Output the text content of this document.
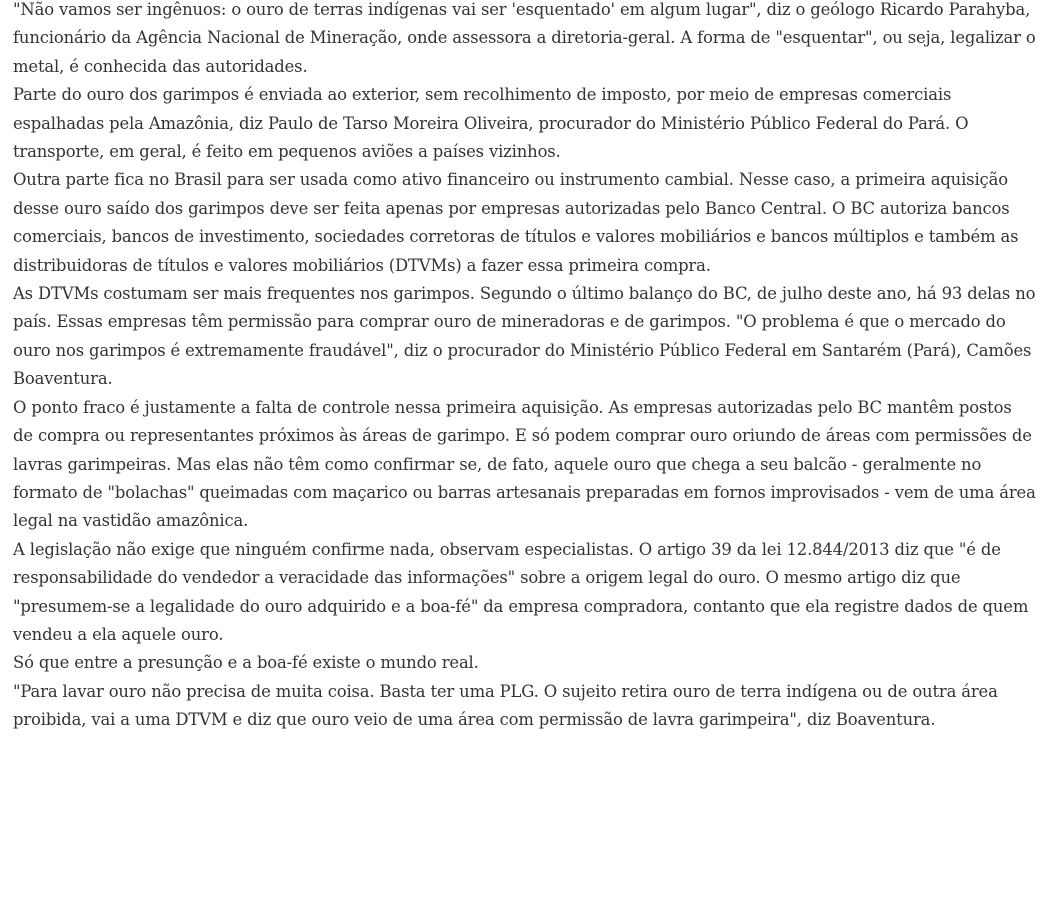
"Não vamos ser ingênuos: o ouro de terras indígenas vai ser 'esquentado' em algum lugar", diz o geólogo Ricardo Parahyba, funcionário da Agência Nacional de Mineração, onde assessora a diretoria-geral. A forma de "esquentar", ou seja, legalizar o metal, é conhecida das autoridades.

Parte do ouro dos garimpos é enviada ao exterior, sem recolhimento de imposto, por meio de empresas comerciais espalhadas pela Amazônia, diz Paulo de Tarso Moreira Oliveira, procurador do Ministério Público Federal do Pará. O transporte, em geral, é feito em pequenos aviões a países vizinhos.

Outra parte fica no Brasil para ser usada como ativo financeiro ou instrumento cambial. Nesse caso, a primeira aquisição desse ouro saído dos garimpos deve ser feita apenas por empresas autorizadas pelo Banco Central. O BC autoriza bancos comerciais, bancos de investimento, sociedades corretoras de títulos e valores mobiliários e bancos múltiplos e também as distribuidoras de títulos e valores mobiliários (DTVMs) a fazer essa primeira compra.

As DTVMs costumam ser mais frequentes nos garimpos. Segundo o último balanço do BC, de julho deste ano, há 93 delas no país. Essas empresas têm permissão para comprar ouro de mineradoras e de garimpos. "O problema é que o mercado do ouro nos garimpos é extremamente fraudável", diz o procurador do Ministério Público Federal em Santarém (Pará), Camões Boaventura.

O ponto fraco é justamente a falta de controle nessa primeira aquisição. As empresas autorizadas pelo BC mantêm postos de compra ou representantes próximos às áreas de garimpo. E só podem comprar ouro oriundo de áreas com permissões de lavras garimpeiras. Mas elas não têm como confirmar se, de fato, aquele ouro que chega a seu balcão - geralmente no formato de "bolachas" queimadas com maçarico ou barras artesanais preparadas em fornos improvisados - vem de uma área legal na vastidão amazônica.

A legislação não exige que ninguém confirme nada, observam especialistas. O artigo 39 da lei 12.844/2013 diz que "é de responsabilidade do vendedor a veracidade das informações" sobre a origem legal do ouro. O mesmo artigo diz que "presumem-se a legalidade do ouro adquirido e a boa-fé" da empresa compradora, contanto que ela registre dados de quem vendeu a ela aquele ouro.

Só que entre a presunção e a boa-fé existe o mundo real.

"Para lavar ouro não precisa de muita coisa. Basta ter uma PLG. O sujeito retira ouro de terra indígena ou de outra área proibida, vai a uma DTVM e diz que ouro veio de uma área com permissão de lavra garimpeira", diz Boaventura.
